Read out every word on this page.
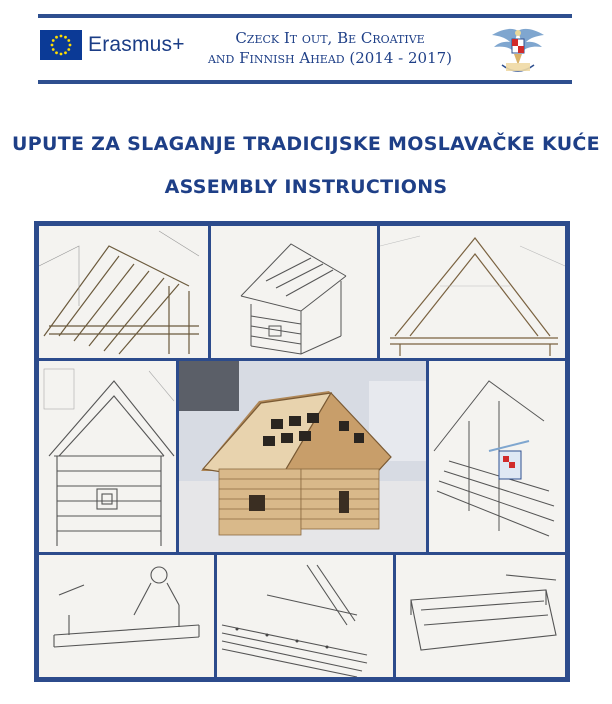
Erasmus+	Czeck It out, Be Croative
and Finnish Ahead (2014 - 2017)
UPUTE ZA SLAGANJE TRADICIJSKE MOSLAVAČKE KUĆE
ASSEMBLY INSTRUCTIONS
